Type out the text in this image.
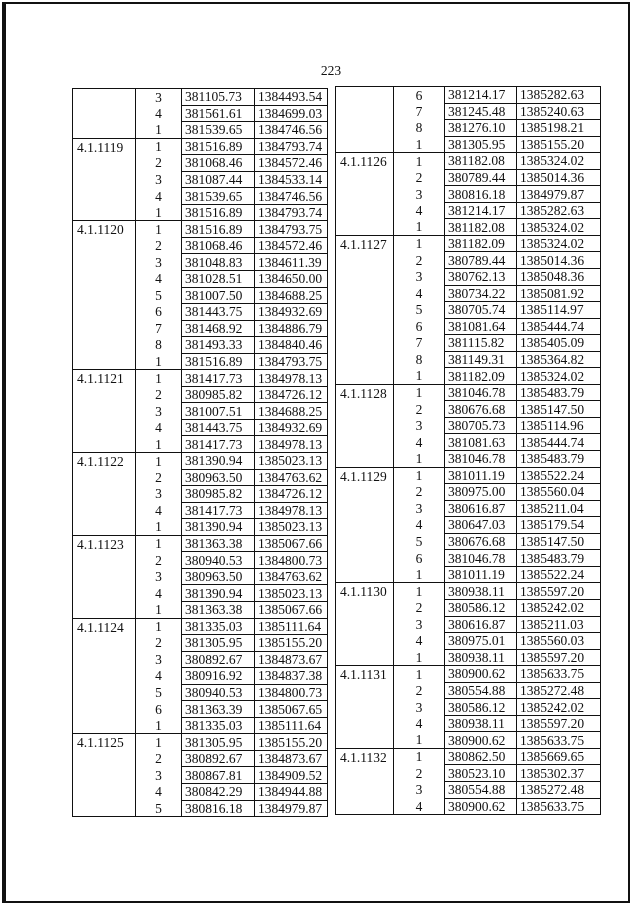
223
	3	381105.73	1384493.54
	4	381561.61	1384699.03
	1	381539.65	1384746.56
4.1.1119	1	381516.89	1384793.74
	2	381068.46	1384572.46
	3	381087.44	1384533.14
	4	381539.65	1384746.56
	1	381516.89	1384793.74
4.1.1120	1	381516.89	1384793.75
	2	381068.46	1384572.46
	3	381048.83	1384611.39
	4	381028.51	1384650.00
	5	381007.50	1384688.25
	6	381443.75	1384932.69
	7	381468.92	1384886.79
	8	381493.33	1384840.46
	1	381516.89	1384793.75
4.1.1121	1	381417.73	1384978.13
	2	380985.82	1384726.12
	3	381007.51	1384688.25
	4	381443.75	1384932.69
	1	381417.73	1384978.13
4.1.1122	1	381390.94	1385023.13
	2	380963.50	1384763.62
	3	380985.82	1384726.12
	4	381417.73	1384978.13
	1	381390.94	1385023.13
4.1.1123	1	381363.38	1385067.66
	2	380940.53	1384800.73
	3	380963.50	1384763.62
	4	381390.94	1385023.13
	1	381363.38	1385067.66
4.1.1124	1	381335.03	1385111.64
	2	381305.95	1385155.20
	3	380892.67	1384873.67
	4	380916.92	1384837.38
	5	380940.53	1384800.73
	6	381363.39	1385067.65
	1	381335.03	1385111.64
4.1.1125	1	381305.95	1385155.20
	2	380892.67	1384873.67
	3	380867.81	1384909.52
	4	380842.29	1384944.88
	5	380816.18	1384979.87
	6	381214.17	1385282.63
	7	381245.48	1385240.63
	8	381276.10	1385198.21
	1	381305.95	1385155.20
4.1.1126	1	381182.08	1385324.02
	2	380789.44	1385014.36
	3	380816.18	1384979.87
	4	381214.17	1385282.63
	1	381182.08	1385324.02
4.1.1127	1	381182.09	1385324.02
	2	380789.44	1385014.36
	3	380762.13	1385048.36
	4	380734.22	1385081.92
	5	380705.74	1385114.97
	6	381081.64	1385444.74
	7	381115.82	1385405.09
	8	381149.31	1385364.82
	1	381182.09	1385324.02
4.1.1128	1	381046.78	1385483.79
	2	380676.68	1385147.50
	3	380705.73	1385114.96
	4	381081.63	1385444.74
	1	381046.78	1385483.79
4.1.1129	1	381011.19	1385522.24
	2	380975.00	1385560.04
	3	380616.87	1385211.04
	4	380647.03	1385179.54
	5	380676.68	1385147.50
	6	381046.78	1385483.79
	1	381011.19	1385522.24
4.1.1130	1	380938.11	1385597.20
	2	380586.12	1385242.02
	3	380616.87	1385211.03
	4	380975.01	1385560.03
	1	380938.11	1385597.20
4.1.1131	1	380900.62	1385633.75
	2	380554.88	1385272.48
	3	380586.12	1385242.02
	4	380938.11	1385597.20
	1	380900.62	1385633.75
4.1.1132	1	380862.50	1385669.65
	2	380523.10	1385302.37
	3	380554.88	1385272.48
	4	380900.62	1385633.75
